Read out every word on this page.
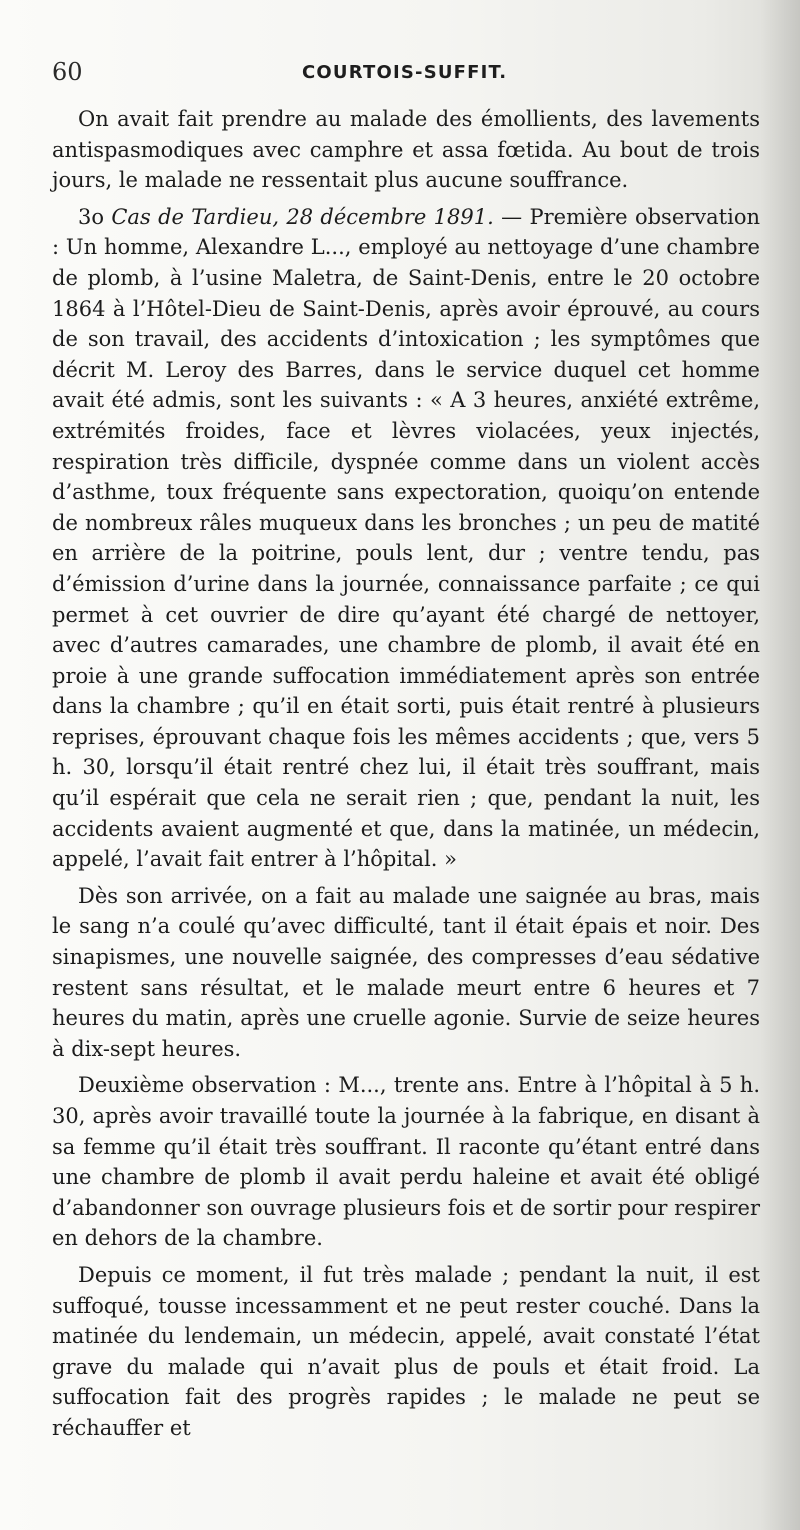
60	COURTOIS-SUFFIT.

On avait fait prendre au malade des émollients, des lavements antispasmodiques avec camphre et assa fœtida. Au bout de trois jours, le malade ne ressentait plus aucune souffrance.

3o Cas de Tardieu, 28 décembre 1891. — Première observation : Un homme, Alexandre L..., employé au nettoyage d’une chambre de plomb, à l’usine Maletra, de Saint-Denis, entre le 20 octobre 1864 à l’Hôtel-Dieu de Saint-Denis, après avoir éprouvé, au cours de son travail, des accidents d’intoxication ; les symptômes que décrit M. Leroy des Barres, dans le service duquel cet homme avait été admis, sont les suivants : « A 3 heures, anxiété extrême, extrémités froides, face et lèvres violacées, yeux injectés, respiration très difficile, dyspnée comme dans un violent accès d’asthme, toux fréquente sans expectoration, quoiqu’on entende de nombreux râles muqueux dans les bronches ; un peu de matité en arrière de la poitrine, pouls lent, dur ; ventre tendu, pas d’émission d’urine dans la journée, connaissance parfaite ; ce qui permet à cet ouvrier de dire qu’ayant été chargé de nettoyer, avec d’autres camarades, une chambre de plomb, il avait été en proie à une grande suffocation immédiatement après son entrée dans la chambre ; qu’il en était sorti, puis était rentré à plusieurs reprises, éprouvant chaque fois les mêmes accidents ; que, vers 5 h. 30, lorsqu’il était rentré chez lui, il était très souffrant, mais qu’il espérait que cela ne serait rien ; que, pendant la nuit, les accidents avaient augmenté et que, dans la matinée, un médecin, appelé, l’avait fait entrer à l’hôpital. »

Dès son arrivée, on a fait au malade une saignée au bras, mais le sang n’a coulé qu’avec difficulté, tant il était épais et noir. Des sinapismes, une nouvelle saignée, des compresses d’eau sédative restent sans résultat, et le malade meurt entre 6 heures et 7 heures du matin, après une cruelle agonie. Survie de seize heures à dix-sept heures.

Deuxième observation : M..., trente ans. Entre à l’hôpital à 5 h. 30, après avoir travaillé toute la journée à la fabrique, en disant à sa femme qu’il était très souffrant. Il raconte qu’étant entré dans une chambre de plomb il avait perdu haleine et avait été obligé d’abandonner son ouvrage plusieurs fois et de sortir pour respirer en dehors de la chambre.

Depuis ce moment, il fut très malade ; pendant la nuit, il est suffoqué, tousse incessamment et ne peut rester couché. Dans la matinée du lendemain, un médecin, appelé, avait constaté l’état grave du malade qui n’avait plus de pouls et était froid. La suffocation fait des progrès rapides ; le malade ne peut se réchauffer et
